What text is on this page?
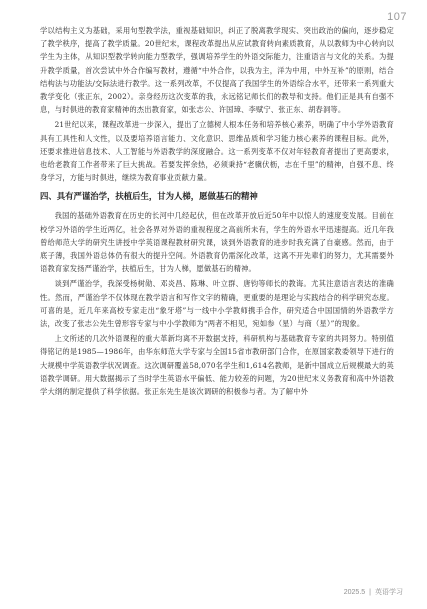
107

学以结构主义为基础，采用句型教学法，重视基础知识，纠正了脱离教学现实、突出政治的偏向，逐步稳定了教学秩序，提高了教学质量。20世纪末，课程改革提出从应试教育转向素质教育，从以教师为中心转向以学生为主体，从知识型教学转向能力型教学，强调培养学生的外语交际能力，注重语言与文化的关系。为提升教学质量，首次尝试中外合作编写教材，遵循“中外合作，以我为主，洋为中用，中外互补”的原则，结合结构法与功能法/交际法进行教学。这一系列改革，不仅提高了我国学生的外语综合水平，还带来一系列重大教学变化（张正东，2002）。亲身经历这次变革的我，永远铭记师长们的教导和支持。他们正是具有自强不息，与时俱进的教育家精神的杰出教育家，如张志公、许国璋、李赋宁、张正东、胡春洞等。

21世纪以来，课程改革进一步深入，提出了立德树人根本任务和培养核心素养，明确了中小学外语教育具有工具性和人文性，以及要培养语言能力、文化意识、思维品质和学习能力核心素养的课程目标。此外，还要求推进信息技术、人工智能与外语教学的深度融合。这一系列变革不仅对年轻教育者提出了更高要求，也给老教育工作者带来了巨大挑战。若要发挥余热，必须秉持“老骥伏枥，志在千里”的精神，自强不息、终身学习，方能与时俱进，继续为教育事业贡献力量。

四、具有严谨治学，扶植后生，甘为人梯，愿做基石的精神

我国的基础外语教育在历史的长河中几经起伏，但在改革开放后近50年中以惊人的速度变发展。目前在校学习外语的学生近两亿，社会各界对外语的重视程度之高前所未有，学生的外语水平迅速提高。近几年我曾给师范大学的研究生讲授中学英语课程教材研究课，谈到外语教育的进步时我充满了自豪感。然而，由于底子薄，我国外语总体仍有很大的提升空间。外语教育仍需深化改革，这离不开先辈们的努力，尤其需要外语教育家发扬严谨治学，扶植后生，甘为人梯，愿做基石的精神。

谈到严谨治学，我深受杨树勋、邓炎昌、陈琳、叶立群、唐钧等师长的教诲。尤其注意语言表达的准确性。然而，严谨治学不仅体现在教学语言和写作文字的精确，更重要的是理论与实践结合的科学研究态度。可喜的是，近几年来高校专家走出“象牙塔”与一线中小学教师携手合作，研究适合中国国情的外语教学方法，改变了张志公先生曾形容专家与中小学教师为“两者不相见，宛如参（星）与商（星）”的现象。

上文所述的几次外语课程的重大革新均离不开数据支持，科研机构与基础教育专家的共同努力。特别值得铭记的是1985—1986年，由华东师范大学专家与全国15省市教研部门合作，在原国家教委领导下进行的大规模中学英语教学状况调查。这次调研覆盖58,070名学生和1,614名教师，是新中国成立后规模最大的英语教学调研。用大数据揭示了当时学生英语水平偏低、能力较差的问题，为20世纪末义务教育和高中外语教学大纲的制定提供了科学依据。张正东先生是该次调研的积极参与者。为了解中外

2025.5 | 英语学习
